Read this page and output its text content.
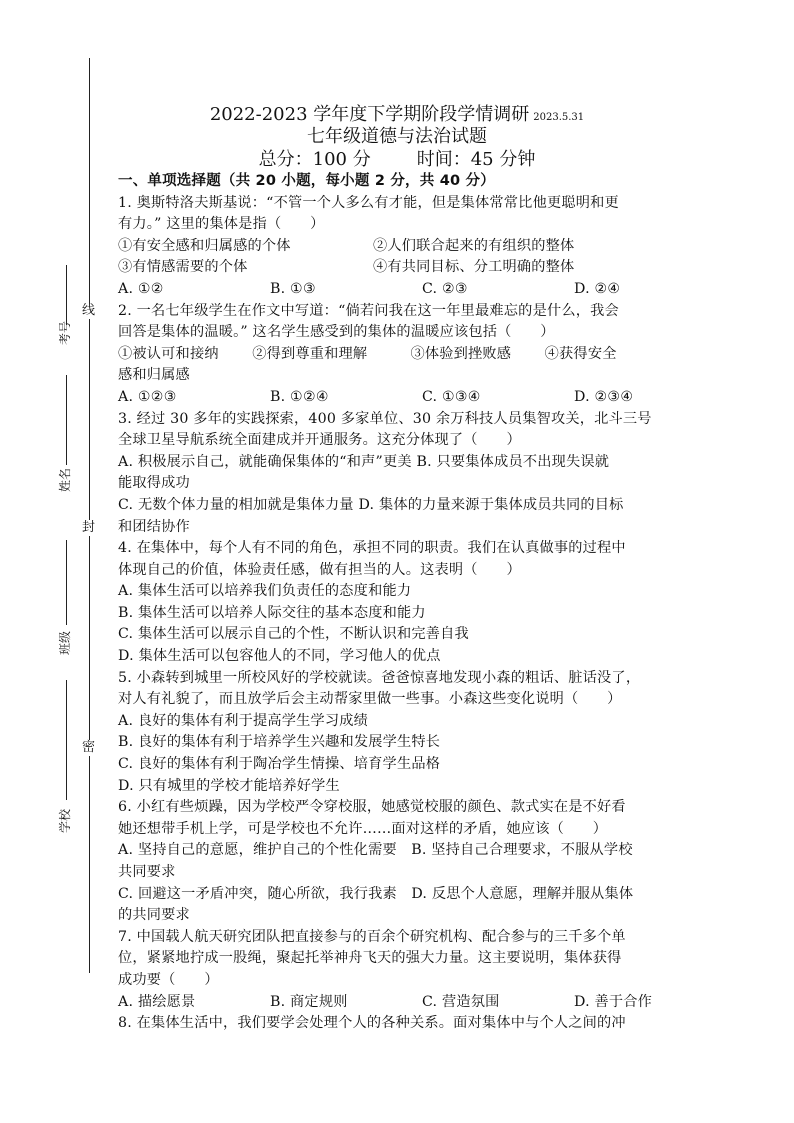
线
封
密
考号
姓名
班级
学校
2022-2023 学年度下学期阶段学情调研 2023.5.31
七年级道德与法治试题
总分：100 分	时间：45 分钟
一、单项选择题（共 20 小题，每小题 2 分，共 40 分）
1. 奥斯特洛夫斯基说：“不管一个人多么有才能，但是集体常常比他更聪明和更
有力。” 这里的集体是指（　　）
①有安全感和归属感的个体	②人们联合起来的有组织的整体
③有情感需要的个体	④有共同目标、分工明确的整体
A. ①②	B. ①③	C. ②③	D. ②④
2. 一名七年级学生在作文中写道：“倘若问我在这一年里最难忘的是什么，我会
回答是集体的温暖。” 这名学生感受到的集体的温暖应该包括（　　）
①被认可和接纳　　 ②得到尊重和理解　　　③体验到挫败感　　 ④获得安全
感和归属感
A. ①②③	B. ①②④	C. ①③④	D. ②③④
3. 经过 30 多年的实践探索，400 多家单位、30 余万科技人员集智攻关，北斗三号
全球卫星导航系统全面建成并开通服务。这充分体现了（　　）
A. 积极展示自己，就能确保集体的“和声”更美 B. 只要集体成员不出现失误就
能取得成功
C. 无数个体力量的相加就是集体力量 D. 集体的力量来源于集体成员共同的目标
和团结协作
4. 在集体中，每个人有不同的角色，承担不同的职责。我们在认真做事的过程中
体现自己的价值，体验责任感，做有担当的人。这表明（　　）
A. 集体生活可以培养我们负责任的态度和能力
B. 集体生活可以培养人际交往的基本态度和能力
C. 集体生活可以展示自己的个性，不断认识和完善自我
D. 集体生活可以包容他人的不同，学习他人的优点
5. 小森转到城里一所校风好的学校就读。爸爸惊喜地发现小森的粗话、脏话没了，
对人有礼貌了，而且放学后会主动帮家里做一些事。小森这些变化说明（　　）
A. 良好的集体有利于提高学生学习成绩
B. 良好的集体有利于培养学生兴趣和发展学生特长
C. 良好的集体有利于陶冶学生情操、培育学生品格
D. 只有城里的学校才能培养好学生
6. 小红有些烦躁，因为学校严令穿校服，她感觉校服的颜色、款式实在是不好看
她还想带手机上学，可是学校也不允许……面对这样的矛盾，她应该（　　）
A. 坚持自己的意愿，维护自己的个性化需要　B. 坚持自己合理要求，不服从学校
共同要求
C. 回避这一矛盾冲突，随心所欲，我行我素　D. 反思个人意愿，理解并服从集体
的共同要求
7. 中国载人航天研究团队把直接参与的百余个研究机构、配合参与的三千多个单
位，紧紧地拧成一股绳，聚起托举神舟飞天的强大力量。这主要说明，集体获得
成功要（　　）
A. 描绘愿景	B. 商定规则	C. 营造氛围	D. 善于合作
8. 在集体生活中，我们要学会处理个人的各种关系。面对集体中与个人之间的冲
